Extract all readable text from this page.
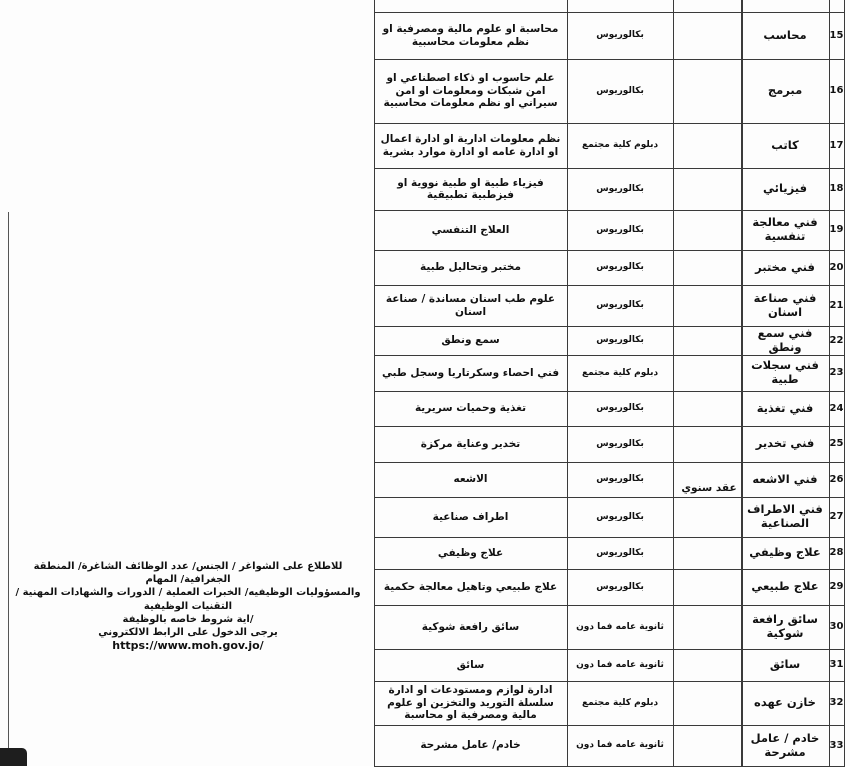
15
محاسب
بكالوريوس
محاسبة او علوم مالية ومصرفية او نظم معلومات محاسبية
16
مبرمج
بكالوريوس
علم حاسوب او ذكاء اصطناعي او امن شبكات ومعلومات او امن سيراني او نظم معلومات محاسبية
17
كاتب
دبلوم كلية مجتمع
نظم معلومات ادارية او ادارة اعمال او ادارة عامه او ادارة موارد بشرية
18
فيزيائي
بكالوريوس
فيزياء طبية او طبية نووية او فيزطبية تطبيقية
19
فني معالجة تنفسية
بكالوريوس
العلاج التنفسي
20
فني مختبر
بكالوريوس
مختبر وتحاليل طبية
21
فني صناعة اسنان
بكالوريوس
علوم طب اسنان مساندة / صناعة اسنان
22
فني سمع ونطق
بكالوريوس
سمع ونطق
23
فني سجلات طبية
دبلوم كلية مجتمع
فني احصاء وسكرتاريا وسجل طبي
24
فني تغذية
بكالوريوس
تغذية وحميات سريرية
25
فني تخدير
بكالوريوس
تخدير وعناية مركزة
26
فني الاشعه
بكالوريوس
الاشعه
27
فني الاطراف الصناعية
بكالوريوس
اطراف صناعية
28
علاج وظيفي
بكالوريوس
علاج وظيفي
29
علاج طبيعي
بكالوريوس
علاج طبيعي وتاهيل معالجة حكمية
30
سائق رافعة شوكية
ثانوية عامه فما دون
سائق رافعة شوكية
31
سائق
ثانوية عامه فما دون
سائق
32
خازن عهده
دبلوم كلية مجتمع
ادارة لوازم ومستودعات او ادارة سلسلة التوريد والتخزين او علوم مالية ومصرفية او محاسبة
33
خادم / عامل مشرحة
ثانوية عامه فما دون
خادم/ عامل مشرحة
عقد سنوي
للاطلاع على الشواغر / الجنس/ عدد الوظائف الشاغرة/ المنطقة الجغرافية/ المهام
والمسؤوليات الوظيفيه/ الخبرات العملية / الدورات والشهادات المهنية / التقنيات الوظيفية
/اية شروط خاصه بالوظيفة
يرجى الدخول على الرابط الالكتروني
https://www.moh.gov.jo/
